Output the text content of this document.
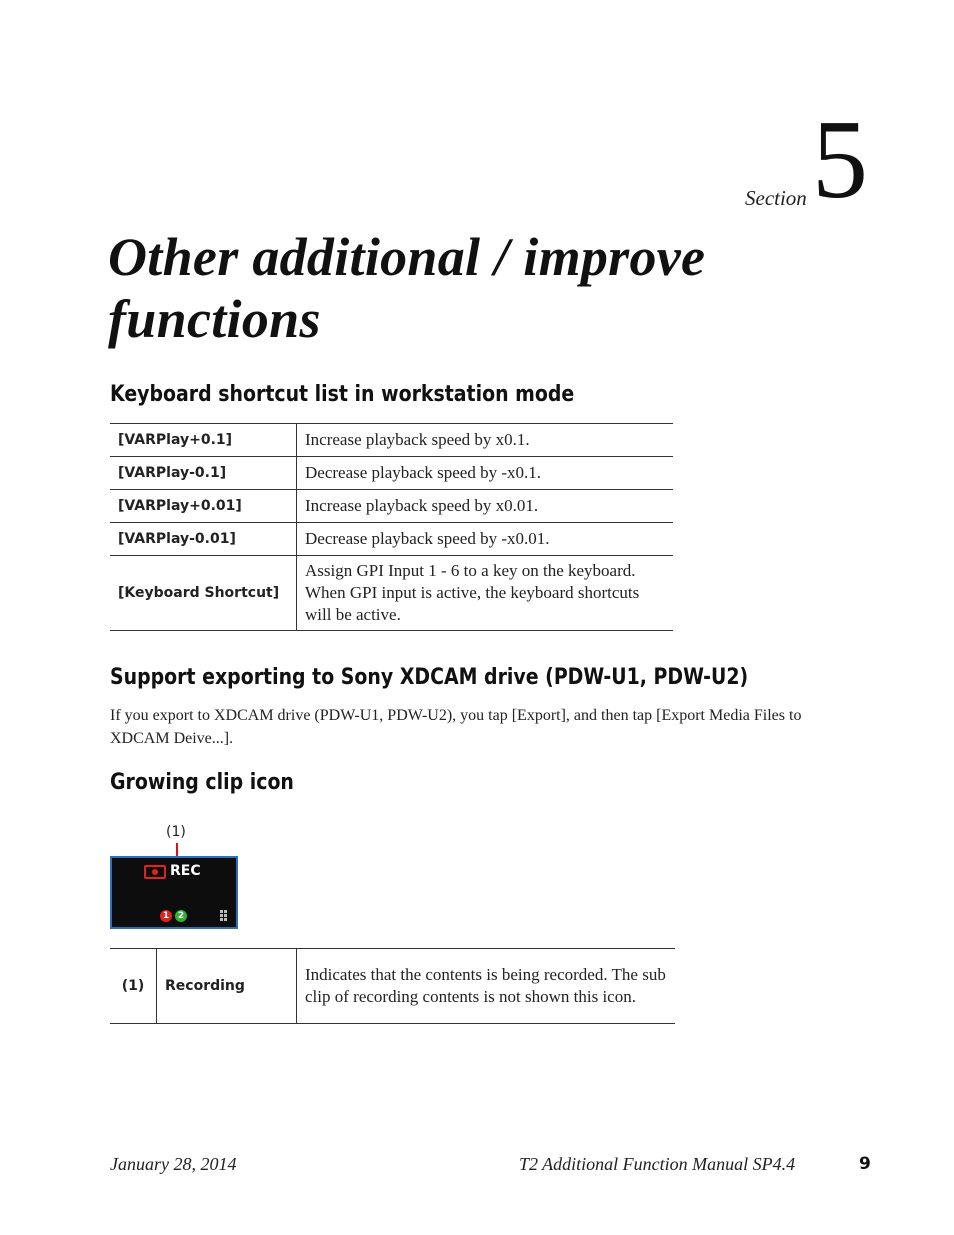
Section 5
Other additional / improve functions
Keyboard shortcut list in workstation mode
[VARPlay+0.1]	Increase playback speed by x0.1.
[VARPlay-0.1]	Decrease playback speed by -x0.1.
[VARPlay+0.01]	Increase playback speed by x0.01.
[VARPlay-0.01]	Decrease playback speed by -x0.01.
[Keyboard Shortcut]	Assign GPI Input 1 - 6 to a key on the keyboard. When GPI input is active, the keyboard shortcuts will be active.
Support exporting to Sony XDCAM drive (PDW-U1, PDW-U2)
If you export to XDCAM drive (PDW-U1, PDW-U2), you tap [Export], and then tap [Export Media Files to XDCAM Deive...].
Growing clip icon
(1)
REC
1 2
(1)	Recording	Indicates that the contents is being recorded. The sub clip of recording contents is not shown this icon.
January 28, 2014	T2 Additional Function Manual SP4.4	9
